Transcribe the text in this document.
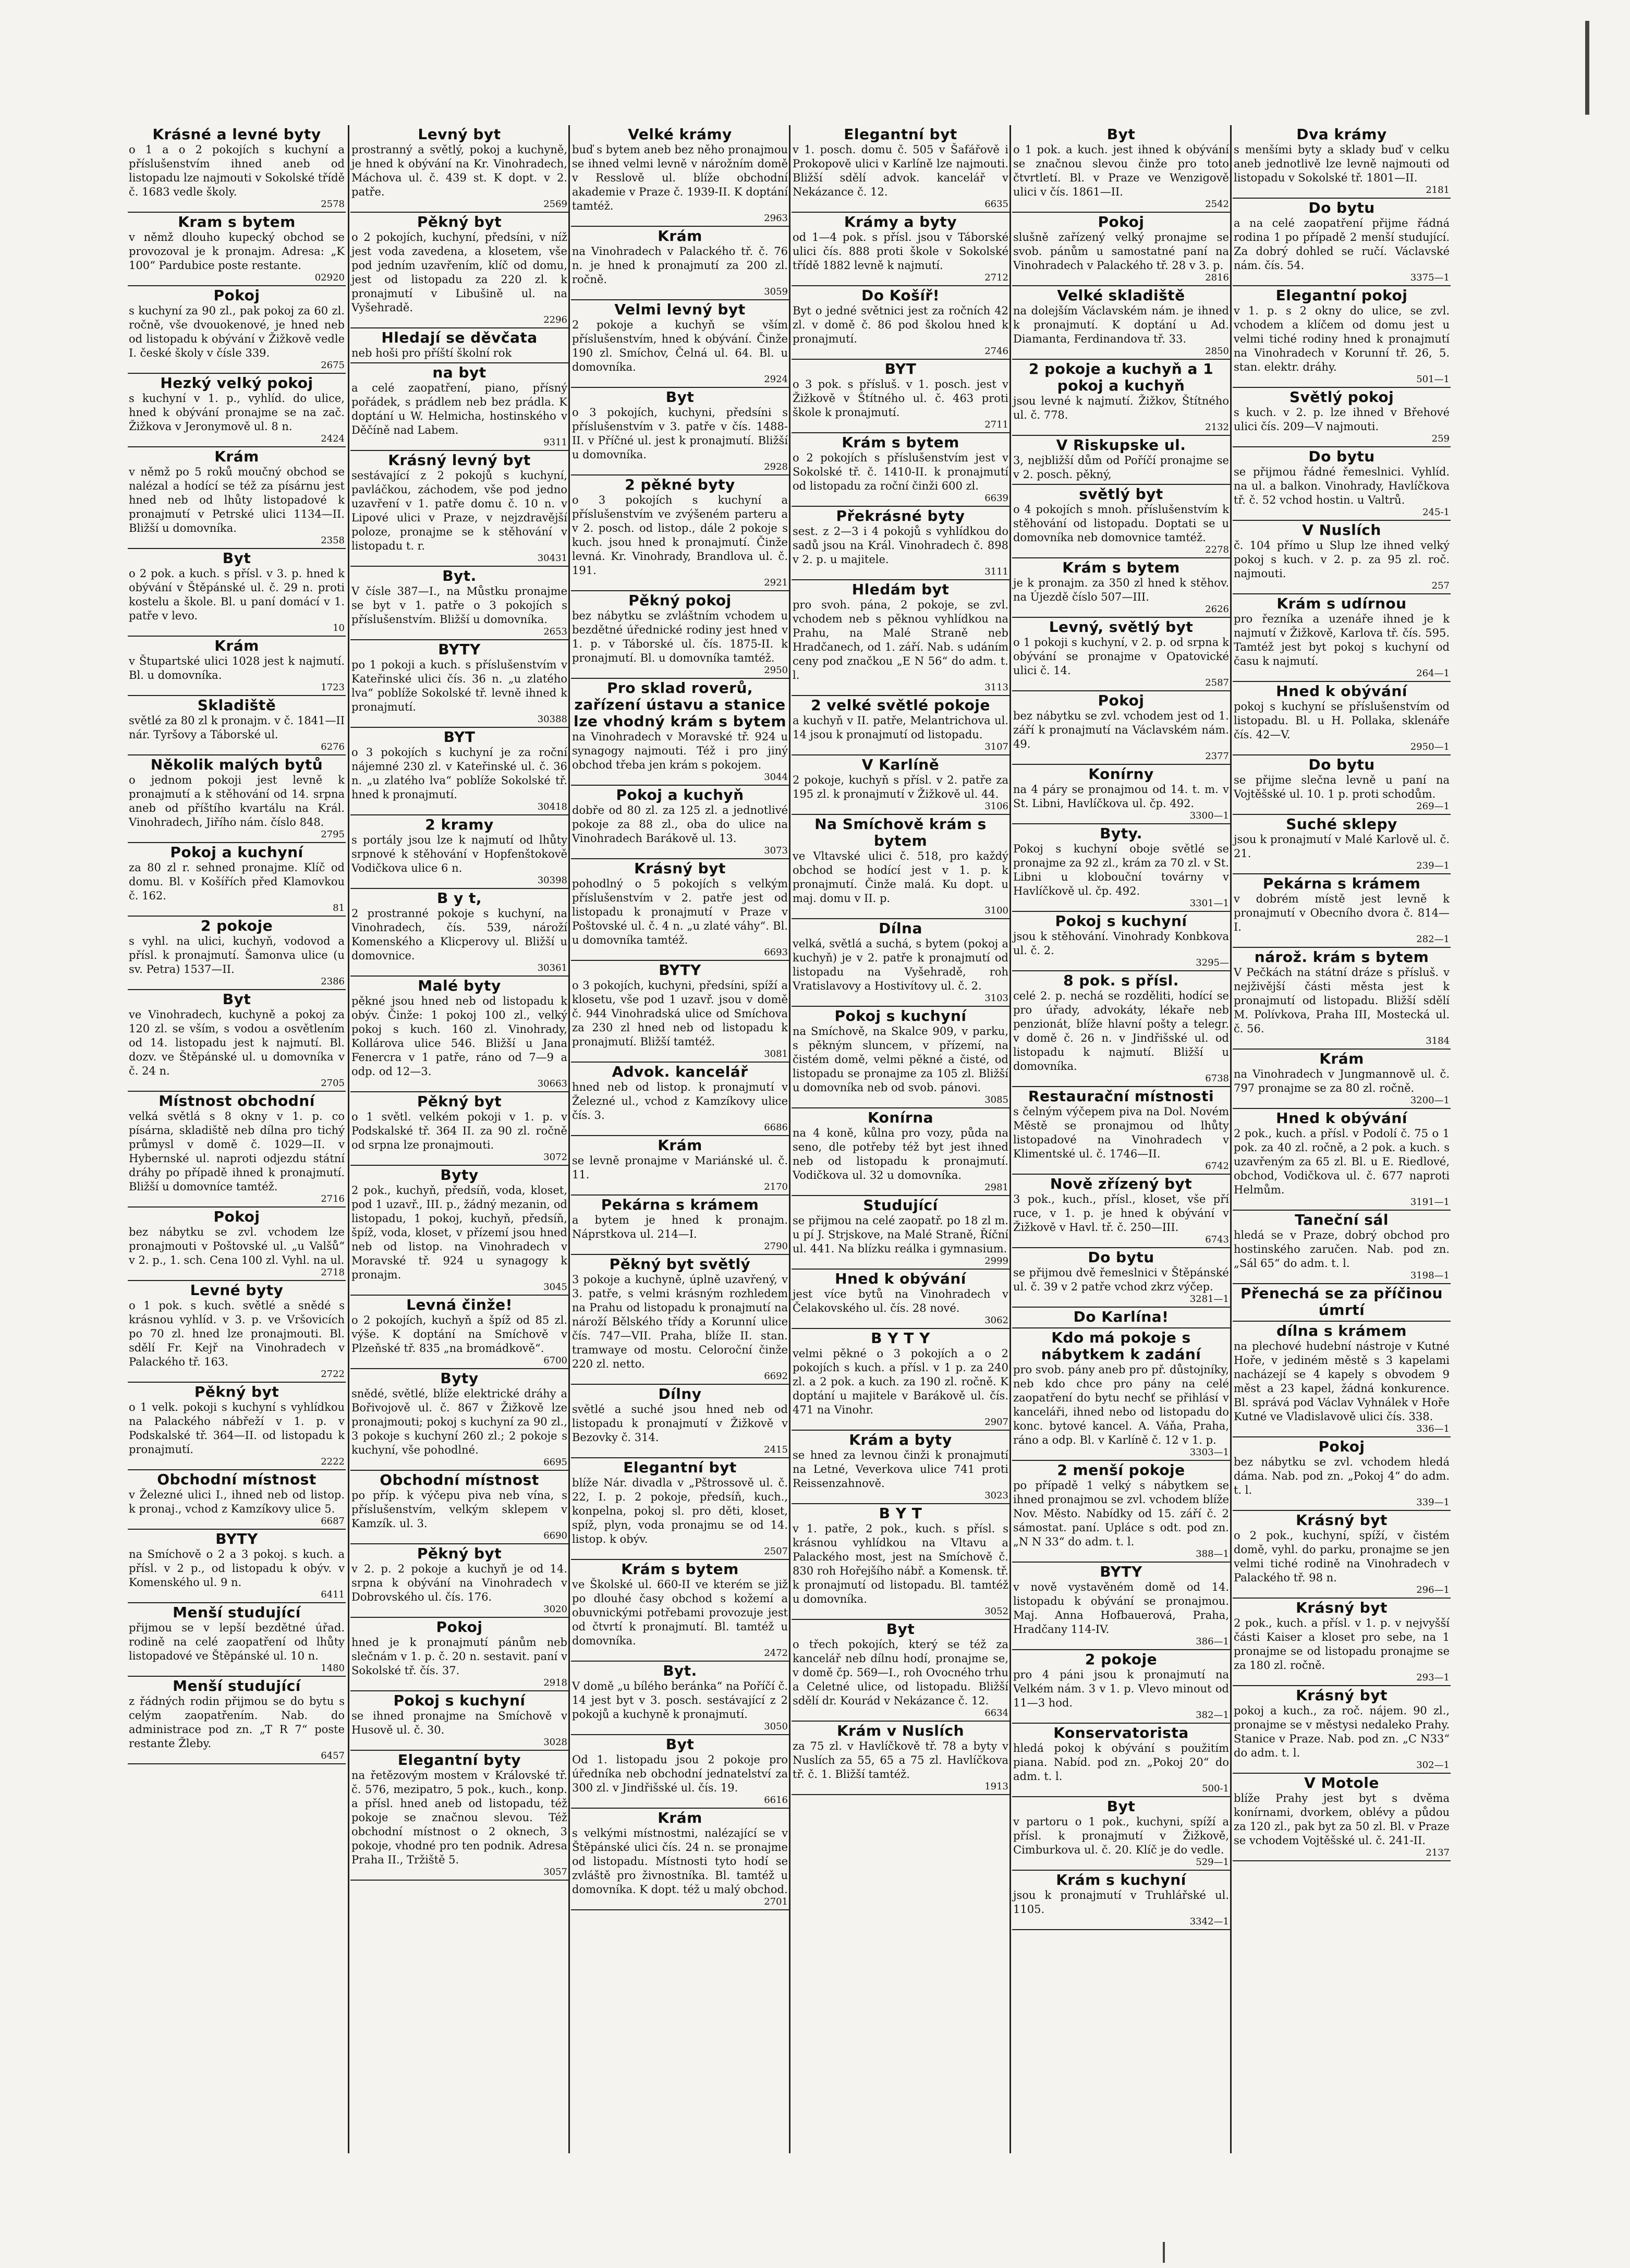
Krásné a levné byty

o 1 a o 2 pokojích s kuchyní a příslušenstvím ihned aneb od listopadu lze najmouti v Sokolské třídě č. 1683 vedle školy.
2578

Kram s bytem

v němž dlouho kupecký obchod se provozoval je k pronajm. Adresa: „K 100“ Pardubice poste restante.
02920

Pokoj

s kuchyní za 90 zl., pak pokoj za 60 zl. ročně, vše dvouokenové, je hned neb od listopadu k obývání v Žižkově vedle I. české školy v čísle 339.
2675

Hezký velký pokoj

s kuchyní v 1. p., vyhlíd. do ulice, hned k obývání pronajme se na zač. Žižkova v Jeronymově ul. 8 n.
2424

Krám

v němž po 5 roků moučný obchod se nalézal a hodící se též za písárnu jest hned neb od lhůty listopadové k pronajmutí v Petrské ulici 1134—II. Bližší u domovníka.
2358

Byt

o 2 pok. a kuch. s přísl. v 3. p. hned k obývání v Štěpánské ul. č. 29 n. proti kostelu a škole. Bl. u paní domácí v 1. patře v levo.
10

Krám

v Štupartské ulici 1028 jest k najmutí. Bl. u domovníka.
1723

Skladiště

světlé za 80 zl k pronajm. v č. 1841—II nár. Tyršovy a Táborské ul.
6276

Několik malých bytů

o jednom pokoji jest levně k pronajmutí a k stěhování od 14. srpna aneb od příštího kvartálu na Král. Vinohradech, Jiřího nám. číslo 848.
2795

Pokoj a kuchyní

za 80 zl r. sehned pronajme. Klíč od domu. Bl. v Košířích před Klamovkou č. 162.
81

2 pokoje

s vyhl. na ulici, kuchyň, vodovod a přísl. k pronajmutí. Šamonva ulice (u sv. Petra) 1537—II.
2386

Byt

ve Vinohradech, kuchyně a pokoj za 120 zl. se vším, s vodou a osvětlením od 14. listopadu jest k najmutí. Bl. dozv. ve Štěpánské ul. u domovníka v č. 24 n.
2705

Místnost obchodní

velká světlá s 8 okny v 1. p. co písárna, skladiště neb dílna pro tichý průmysl v domě č. 1029—II. v Hybernské ul. naproti odjezdu státní dráhy po případě ihned k pronajmutí. Bližší u domovníce tamtéž.
2716

Pokoj

bez nábytku se zvl. vchodem lze pronajmouti v Poštovské ul. „u Valšů“ v 2. p., 1. sch. Cena 100 zl. Vyhl. na ul.
2718

Levné byty

o 1 pok. s kuch. světlé a snědé s krásnou vyhlíd. v 3. p. ve Vršovicích po 70 zl. hned lze pronajmouti. Bl. sdělí Fr. Kejř na Vinohradech v Palackého tř. 163.
2722

Pěkný byt

o 1 velk. pokoji s kuchyní s vyhlídkou na Palackého nábřeží v 1. p. v Podskalské tř. 364—II. od listopadu k pronajmutí.
2222

Obchodní místnost

v Železné ulici I., ihned neb od listop. k pronaj., vchod z Kamzíkovy ulice 5.
6687

BYTY

na Smíchově o 2 a 3 pokoj. s kuch. a přísl. v 2 p., od listopadu k obýv. v Komenského ul. 9 n.
6411

Menší studující

přijmou se v lepší bezdětné úřad. rodině na celé zaopatření od lhůty listopadové ve Štěpánské ul. 10 n.
1480

Menší studující

z řádných rodin přijmou se do bytu s celým zaopatřením. Nab. do administrace pod zn. „T R 7“ poste restante Žleby.
6457

Levný byt

prostranný a světlý, pokoj a kuchyně, je hned k obývání na Kr. Vinohradech, Máchova ul. č. 439 st. K dopt. v 2. patře.
2569

Pěkný byt

o 2 pokojích, kuchyní, předsíni, v níž jest voda zavedena, a klosetem, vše pod jedním uzavřením, klíč od domu, jest od listopadu za 220 zl. k pronajmutí v Libušině ul. na Vyšehradě.
2296

Hledají se děvčata

neb hoši pro příští školní rok

na byt

a celé zaopatření, piano, přísný pořádek, s prádlem neb bez prádla. K doptání u W. Helmicha, hostinského v Děčíně nad Labem.
9311

Krásný levný byt

sestávající z 2 pokojů s kuchyní, pavláčkou, záchodem, vše pod jedno uzavření v 1. patře domu č. 10 n. v Lipové ulici v Praze, v nejzdravější poloze, pronajme se k stěhování v listopadu t. r.
30431

Byt.

V čísle 387—I., na Můstku pronajme se byt v 1. patře o 3 pokojích s příslušenstvím. Bližší u domovníka.
2653

BYTY

po 1 pokoji a kuch. s příslušenstvím v Kateřinské ulici čís. 36 n. „u zlatého lva“ poblíže Sokolské tř. levně ihned k pronajmutí.
30388

BYT

o 3 pokojích s kuchyní je za roční nájemné 230 zl. v Kateřinské ul. č. 36 n. „u zlatého lva“ poblíže Sokolské tř. hned k pronajmutí.
30418

2 kramy

s portály jsou lze k najmutí od lhůty srpnové k stěhování v Hopfenštokově Vodičkova ulice 6 n.
30398

B y t,

2 prostranné pokoje s kuchyní, na Vinohradech, čís. 539, nároží Komenského a Klicperovy ul. Bližší u domovnice.
30361

Malé byty

pěkné jsou hned neb od listopadu k obýv. Činže: 1 pokoj 100 zl., velký pokoj s kuch. 160 zl. Vinohrady, Kollárova ulice 546. Bližší u Jana Fenercra v 1 patře, ráno od 7—9 a odp. od 12—3.
30663

Pěkný byt

o 1 světl. velkém pokoji v 1. p. v Podskalské tř. 364 II. za 90 zl. ročně od srpna lze pronajmouti.
3072

Byty

2 pok., kuchyň, předsíň, voda, kloset, pod 1 uzavř., III. p., žádný mezanin, od listopadu, 1 pokoj, kuchyň, předsíň, špíž, voda, kloset, v přízemí jsou hned neb od listop. na Vinohradech v Moravské tř. 924 u synagogy k pronajm.
3045

Levná činže!

o 2 pokojích, kuchyň a špíž od 85 zl. výše. K doptání na Smíchově v Plzeňské tř. 835 „na bromádkově“.
6700

Byty

snědé, světlé, blíže elektrické dráhy a Bořivojově ul. č. 867 v Žižkově lze pronajmouti; pokoj s kuchyní za 90 zl., 3 pokoje s kuchyní 260 zl.; 2 pokoje s kuchyní, vše pohodlné.
6695

Obchodní místnost

po příp. k výčepu piva neb vína, s příslušenstvím, velkým sklepem v Kamzík. ul. 3.
6690

Pěkný byt

v 2. p. 2 pokoje a kuchyň je od 14. srpna k obývání na Vinohradech v Dobrovského ul. čís. 176.
3020

Pokoj

hned je k pronajmutí pánům neb slečnám v 1. p. č. 20 n. sestavit. paní v Sokolské tř. čís. 37.
2918

Pokoj s kuchyní

se ihned pronajme na Smíchově v Husově ul. č. 30.
3028

Elegantní byty

na řetězovým mostem v Královské tř. č. 576, mezipatro, 5 pok., kuch., konp. a přísl. hned aneb od listopadu, též pokoje se značnou slevou. Též obchodní místnost o 2 oknech, 3 pokoje, vhodné pro ten podnik. Adresa Praha II., Tržiště 5.
3057

Velké krámy

buď s bytem aneb bez něho pronajmou se ihned velmi levně v nárožním domě v Resslově ul. blíže obchodní akademie v Praze č. 1939-II. K doptání tamtéž.
2963

Krám

na Vinohradech v Palackého tř. č. 76 n. je hned k pronajmutí za 200 zl. ročně.
3059

Velmi levný byt

2 pokoje a kuchyň se vším příslušenstvím, hned k obývání. Činže 190 zl. Smíchov, Čelná ul. 64. Bl. u domovníka.
2924

Byt

o 3 pokojích, kuchyni, předsíni s příslušenstvím v 3. patře v čís. 1488-II. v Příčné ul. jest k pronajmutí. Bližší u domovníka.
2928

2 pěkné byty

o 3 pokojích s kuchyní a příslušenstvím ve zvýšeném parteru a v 2. posch. od listop., dále 2 pokoje s kuch. jsou hned k pronajmutí. Činže levná. Kr. Vinohrady, Brandlova ul. č. 191.
2921

Pěkný pokoj

bez nábytku se zvláštním vchodem u bezdětné úřednické rodiny jest hned v 1. p. v Táborské ul. čís. 1875-II. k pronajmutí. Bl. u domovníka tamtéž.
2950

Pro sklad roverů, zařízení ústavu a stanice lze vhodný krám s bytem

na Vinohradech v Moravské tř. 924 u synagogy najmouti. Též i pro jiný obchod třeba jen krám s pokojem.
3044

Pokoj a kuchyň

dobře od 80 zl. za 125 zl. a jednotlivé pokoje za 88 zl., oba do ulice na Vinohradech Barákově ul. 13.
3073

Krásný byt

pohodlný o 5 pokojích s velkým příslušenstvím v 2. patře jest od listopadu k pronajmutí v Praze v Poštovské ul. č. 4 n. „u zlaté váhy“. Bl. u domovníka tamtéž.
6693

BYTY

o 3 pokojích, kuchyni, předsíni, spíží a klosetu, vše pod 1 uzavř. jsou v domě č. 944 Vinohradská ulice od Smíchova za 230 zl hned neb od listopadu k pronajmutí. Bližší tamtéž.
3081

Advok. kancelář

hned neb od listop. k pronajmutí v Železné ul., vchod z Kamzíkovy ulice čís. 3.
6686

Krám

se levně pronajme v Mariánské ul. č. 11.
2170

Pekárna s krámem

a bytem je hned k pronajm. Náprstkova ul. 214—I.
2790

Pěkný byt světlý

3 pokoje a kuchyně, úplně uzavřený, v 3. patře, s velmi krásným rozhledem na Prahu od listopadu k pronajmutí na nároží Bělského třídy a Korunní ulice čís. 747—VII. Praha, blíže II. stan. tramwaye od mostu. Celoroční činže 220 zl. netto.
6692

Dílny

světlé a suché jsou hned neb od listopadu k pronajmutí v Žižkově v Bezovky č. 314.
2415

Elegantní byt

blíže Nár. divadla v „Pštrossově ul. č. 22, I. p. 2 pokoje, předsíň, kuch., konpelna, pokoj sl. pro děti, kloset, spíž, plyn, voda pronajmu se od 14. listop. k obýv.
2507

Krám s bytem

ve Školské ul. 660-II ve kterém se již po dlouhé časy obchod s kožemí a obuvnickými potřebami provozuje jest od čtvrtí k pronajmutí. Bl. tamtéž u domovníka.
2472

Byt.

V domě „u bílého beránka“ na Poříčí č. 14 jest byt v 3. posch. sestávající z 2 pokojů a kuchyně k pronajmutí.
3050

Byt

Od 1. listopadu jsou 2 pokoje pro úředníka neb obchodní jednatelství za 300 zl. v Jindřišské ul. čís. 19.
6616

Krám

s velkými místnostmi, nalézající se v Štěpánské ulici čís. 24 n. se pronajme od listopadu. Místnosti tyto hodí se zvláště pro živnostníka. Bl. tamtéž u domovníka. K dopt. též u malý obchod.
2701

Elegantní byt

v 1. posch. domu č. 505 v Šafářově i Prokopově ulici v Karlíně lze najmouti. Bližší sdělí advok. kancelář v Nekázance č. 12.
6635

Krámy a byty

od 1—4 pok. s přísl. jsou v Táborské ulici čís. 888 proti škole v Sokolské třídě 1882 levně k najmutí.
2712

Do Košíř!

Byt o jedné světnici jest za ročních 42 zl. v domě č. 86 pod školou hned k pronajmutí.
2746

BYT

o 3 pok. s přísluš. v 1. posch. jest v Žižkově v Štítného ul. č. 463 proti škole k pronajmutí.
2711

Krám s bytem

o 2 pokojích s příslušenstvím jest v Sokolské tř. č. 1410-II. k pronajmutí od listopadu za roční činži 600 zl.
6639

Překrásné byty

sest. z 2—3 i 4 pokojů s vyhlídkou do sadů jsou na Král. Vinohradech č. 898 v 2. p. u majitele.
3111

Hledám byt

pro svoh. pána, 2 pokoje, se zvl. vchodem neb s pěknou vyhlídkou na Prahu, na Malé Straně neb Hradčanech, od 1. září. Nab. s udáním ceny pod značkou „E N 56“ do adm. t. l.
3113

2 velké světlé pokoje

a kuchyň v II. patře, Melantrichova ul. 14 jsou k pronajmutí od listopadu.
3107

V Karlíně

2 pokoje, kuchyň s přísl. v 2. patře za 195 zl. k pronajmutí v Žižkově ul. 44.
3106

Na Smíchově krám s bytem

ve Vltavské ulici č. 518, pro každý obchod se hodící jest v 1. p. k pronajmutí. Činže malá. Ku dopt. u maj. domu v II. p.
3100

Dílna

velká, světlá a suchá, s bytem (pokoj a kuchyň) je v 2. patře k pronajmutí od listopadu na Vyšehradě, roh Vratislavovy a Hostivítovy ul. č. 2.
3103

Pokoj s kuchyní

na Smíchově, na Skalce 909, v parku, s pěkným sluncem, v přízemí, na čistém domě, velmi pěkné a čisté, od listopadu se pronajme za 105 zl. Bližší u domovníka neb od svob. pánovi.
3085

Konírna

na 4 koně, kůlna pro vozy, půda na seno, dle potřeby též byt jest ihned neb od listopadu k pronajmutí. Vodičkova ul. 32 u domovníka.
2981

Studující

se přijmou na celé zaopatř. po 18 zl m. u pí J. Strjskove, na Malé Straně, Říční ul. 441. Na blízku reálka i gymnasium.
2999

Hned k obývání

jest více bytů na Vinohradech v Čelakovského ul. čís. 28 nové.
3062

B Y T Y

velmi pěkné o 3 pokojích a o 2 pokojích s kuch. a přísl. v 1 p. za 240 zl. a 2 pok. a kuch. za 190 zl. ročně. K doptání u majitele v Barákově ul. čís. 471 na Vinohr.
2907

Krám a byty

se hned za levnou činži k pronajmutí na Letné, Veverkova ulice 741 proti Reissenzahnově.
3023

B Y T

v 1. patře, 2 pok., kuch. s přísl. s krásnou vyhlídkou na Vltavu a Palackého most, jest na Smíchově č. 830 roh Hořejšího nábř. a Komensk. tř. k pronajmutí od listopadu. Bl. tamtéž u domovníka.
3052

Byt

o třech pokojích, který se též za kancelář neb dílnu hodí, pronajme se, v domě čp. 569—I., roh Ovocného trhu a Celetné ulice, od listopadu. Bližší sdělí dr. Kourád v Nekázance č. 12.
6634

Krám v Nuslích

za 75 zl. v Havlíčkově tř. 78 a byty v Nuslích za 55, 65 a 75 zl. Havlíčkova tř. č. 1. Bližší tamtéž.
1913

Byt

o 1 pok. a kuch. jest ihned k obývání se značnou slevou činže pro toto čtvrtletí. Bl. v Praze ve Wenzigově ulici v čís. 1861—II.
2542

Pokoj

slušně zařízený velký pronajme se svob. pánům u samostatné paní na Vinohradech v Palackého tř. 28 v 3. p.
2816

Velké skladiště

na dolejším Václavském nám. je ihned k pronajmutí. K doptání u Ad. Diamanta, Ferdinandova tř. 33.
2850

2 pokoje a kuchyň a 1 pokoj a kuchyň

jsou levné k najmutí. Žižkov, Štítného ul. č. 778.
2132

V Riskupske ul.

3, nejbližší dům od Poříčí pronajme se v 2. posch. pěkný,

světlý byt

o 4 pokojích s mnoh. příslušenstvím k stěhování od listopadu. Doptati se u domovníka neb domovnice tamtéž.
2278

Krám s bytem

je k pronajm. za 350 zl hned k stěhov. na Újezdě číslo 507—III.
2626

Levný, světlý byt

o 1 pokoji s kuchyní, v 2. p. od srpna k obývání se pronajme v Opatovické ulici č. 14.
2587

Pokoj

bez nábytku se zvl. vchodem jest od 1. září k pronajmutí na Václavském nám. 49.
2377

Konírny

na 4 páry se pronajmou od 14. t. m. v St. Libni, Havlíčkova ul. čp. 492.
3300—1

Byty.

Pokoj s kuchyní oboje světlé se pronajme za 92 zl., krám za 70 zl. v St. Libni u klobouční továrny v Havlíčkově ul. čp. 492.
3301—1

Pokoj s kuchyní

jsou k stěhování. Vinohrady Konbkova ul. č. 2.
3295—

8 pok. s přísl.

celé 2. p. nechá se rozděliti, hodící se pro úřady, advokáty, lékaře neb penzionát, blíže hlavní pošty a telegr. v domě č. 26 n. v Jindřišské ul. od listopadu k najmutí. Bližší u domovníka.
6738

Restaurační místnosti

s čelným výčepem piva na Dol. Novém Městě se pronajmou od lhůty listopadové na Vinohradech v Klimentské ul. č. 1746—II.
6742

Nově zřízený byt

3 pok., kuch., přísl., kloset, vše pří ruce, v 1. p. je hned k obývání v Žižkově v Havl. tř. č. 250—III.
6743

Do bytu

se přijmou dvě řemeslnici v Štěpánské ul. č. 39 v 2 patře vchod zkrz výčep.
3281—1

Do Karlína!

Kdo má pokoje s nábytkem k zadání

pro svob. pány aneb pro př. důstojníky, neb kdo chce pro pány na celé zaopatření do bytu nechť se přihlásí v kanceláři, ihned nebo od listopadu do konc. bytové kancel. A. Váňa, Praha, ráno a odp. Bl. v Karlíně č. 12 v 1. p.
3303—1

2 menší pokoje

po případě 1 velký s nábytkem se ihned pronajmou se zvl. vchodem blíže Nov. Město. Nabídky od 15. září č. 2 sámostat. paní. Upláce s odt. pod zn. „N N 33“ do adm. t. l.
388—1

BYTY

v nově vystavěném domě od 14. listopadu k obývání se pronajmou. Maj. Anna Hofbauerová, Praha, Hradčany 114-IV.
386—1

2 pokoje

pro 4 páni jsou k pronajmutí na Velkém nám. 3 v 1. p. Vlevo minout od 11—3 hod.
382—1

Konservatorista

hledá pokoj k obývání s použitím piana. Nabíd. pod zn. „Pokoj 20“ do adm. t. l.
500-1

Byt

v partoru o 1 pok., kuchyni, spíží a přísl. k pronajmutí v Žižkově, Cimburkova ul. č. 20. Klíč je do vedle.
529—1

Krám s kuchyní

jsou k pronajmutí v Truhlářské ul. 1105.
3342—1

Dva krámy

s menšími byty a sklady buď v celku aneb jednotlivě lze levně najmouti od listopadu v Sokolské tř. 1801—II.
2181

Do bytu

a na celé zaopatření přijme řádná rodina 1 po případě 2 menší studující. Za dobrý dohled se ručí. Václavské nám. čís. 54.
3375—1

Elegantní pokoj

v 1. p. s 2 okny do ulice, se zvl. vchodem a klíčem od domu jest u velmi tiché rodiny hned k pronajmutí na Vinohradech v Korunní tř. 26, 5. stan. elektr. dráhy.
501—1

Světlý pokoj

s kuch. v 2. p. lze ihned v Břehové ulici čís. 209—V najmouti.
259

Do bytu

se přijmou řádné řemeslnici. Vyhlíd. na ul. a balkon. Vinohrady, Havlíčkova tř. č. 52 vchod hostin. u Valtrů.
245-1

V Nuslích

č. 104 přímo u Slup lze ihned velký pokoj s kuch. v 2. p. za 95 zl. roč. najmouti.
257

Krám s udírnou

pro řezníka a uzenáře ihned je k najmutí v Žižkově, Karlova tř. čís. 595. Tamtéž jest byt pokoj s kuchyní od času k najmutí.
264—1

Hned k obývání

pokoj s kuchyní se příslušenstvím od listopadu. Bl. u H. Pollaka, sklenáře čís. 42—V.
2950—1

Do bytu

se přijme slečna levně u paní na Vojtěšské ul. 10. 1 p. proti schodům.
269—1

Suché sklepy

jsou k pronajmutí v Malé Karlově ul. č. 21.
239—1

Pekárna s krámem

v dobrém místě jest levně k pronajmutí v Obecního dvora č. 814—I.
282—1

nárož. krám s bytem

V Pečkách na státní dráze s přísluš. v nejživější části města jest k pronajmutí od listopadu. Bližší sdělí M. Polívkova, Praha III, Mostecká ul. č. 56.
3184

Krám

na Vinohradech v Jungmannově ul. č. 797 pronajme se za 80 zl. ročně.
3200—1

Hned k obývání

2 pok., kuch. a přísl. v Podolí č. 75 o 1 pok. za 40 zl. ročně, a 2 pok. a kuch. s uzavřeným za 65 zl. Bl. u E. Riedlové, obchod, Vodičkova ul. č. 677 naproti Helmům.
3191—1

Taneční sál

hledá se v Praze, dobrý obchod pro hostinského zaručen. Nab. pod zn. „Sál 65“ do adm. t. l.
3198—1

Přenechá se za příčinou úmrtí

dílna s krámem

na plechové hudební nástroje v Kutné Hoře, v jediném městě s 3 kapelami nacházejí se 4 kapely s obvodem 9 měst a 23 kapel, žádná konkurence. Bl. správá pod Václav Vyhnálek v Hoře Kutné ve Vladislavově ulici čís. 338.
336—1

Pokoj

bez nábytku se zvl. vchodem hledá dáma. Nab. pod zn. „Pokoj 4“ do adm. t. l.
339—1

Krásný byt

o 2 pok., kuchyní, spíží, v čistém domě, vyhl. do parku, pronajme se jen velmi tiché rodině na Vinohradech v Palackého tř. 98 n.
296—1

Krásný byt

2 pok., kuch. a přísl. v 1. p. v nejvyšší části Kaiser a kloset pro sebe, na 1 pronajme se od listopadu pronajme se za 180 zl. ročně.
293—1

Krásný byt

pokoj a kuch., za roč. nájem. 90 zl., pronajme se v městysi nedaleko Prahy. Stanice v Praze. Nab. pod zn. „C N33“ do adm. t. l.
302—1

V Motole

blíže Prahy jest byt s dvěma konírnami, dvorkem, oblévy a půdou za 120 zl., pak byt za 50 zl. Bl. v Praze se vchodem Vojtěšské ul. č. 241-II.
2137
